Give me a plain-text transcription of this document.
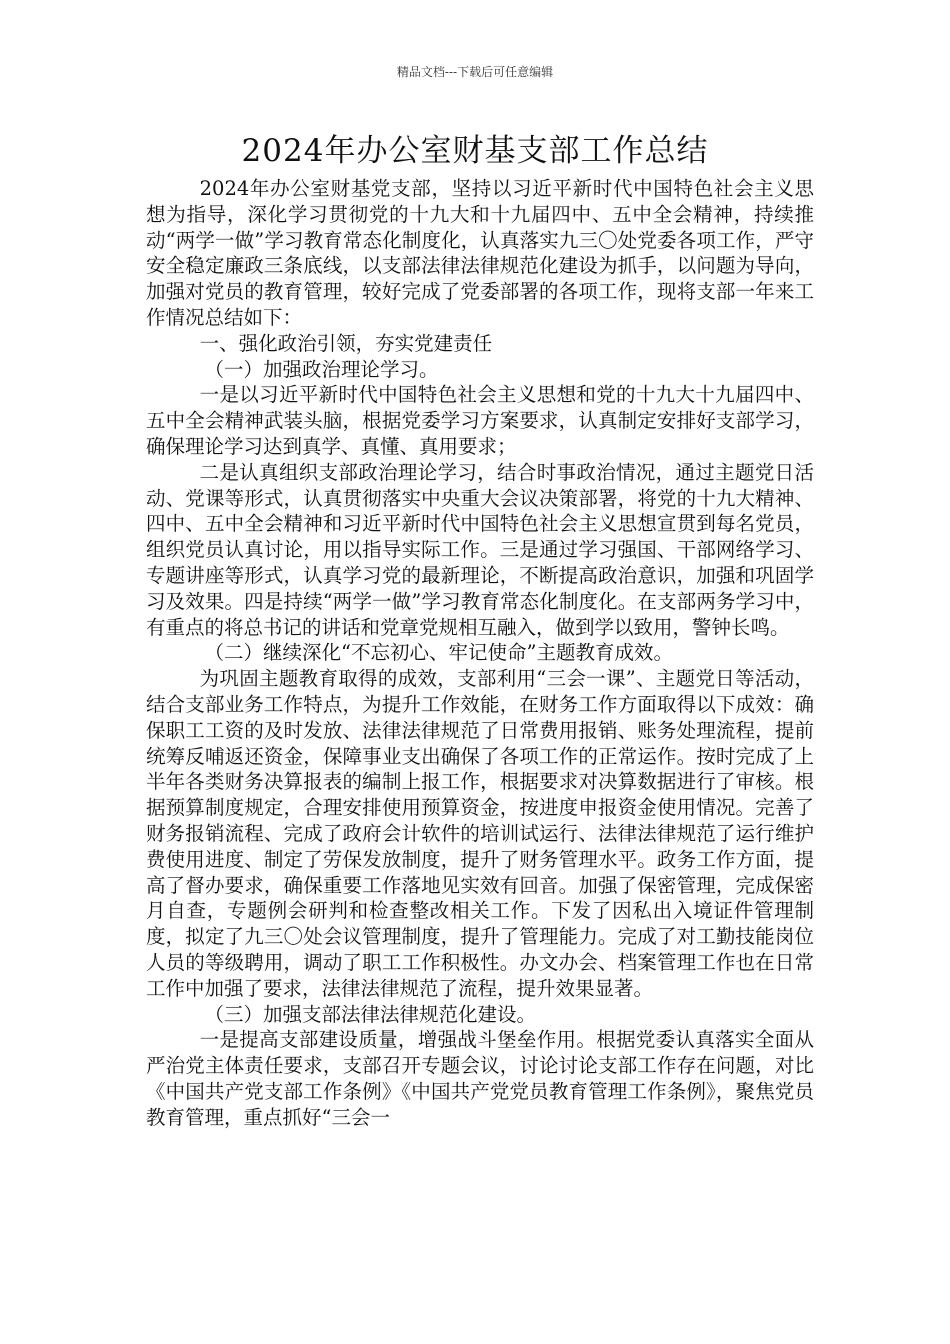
精品文档---下载后可任意编辑
2024年办公室财基支部工作总结

2024年办公室财基党支部，坚持以习近平新时代中国特色社会主义思想为指导，深化学习贯彻党的十九大和十九届四中、五中全会精神，持续推动“两学一做”学习教育常态化制度化，认真落实九三〇处党委各项工作，严守安全稳定廉政三条底线，以支部法律法律规范化建设为抓手，以问题为导向，加强对党员的教育管理，较好完成了党委部署的各项工作，现将支部一年来工作情况总结如下：

一、强化政治引领，夯实党建责任

（一）加强政治理论学习。

一是以习近平新时代中国特色社会主义思想和党的十九大十九届四中、五中全会精神武装头脑，根据党委学习方案要求，认真制定安排好支部学习，确保理论学习达到真学、真懂、真用要求；

二是认真组织支部政治理论学习，结合时事政治情况，通过主题党日活动、党课等形式，认真贯彻落实中央重大会议决策部署，将党的十九大精神、四中、五中全会精神和习近平新时代中国特色社会主义思想宣贯到每名党员，组织党员认真讨论，用以指导实际工作。三是通过学习强国、干部网络学习、专题讲座等形式，认真学习党的最新理论，不断提高政治意识，加强和巩固学习及效果。四是持续“两学一做”学习教育常态化制度化。在支部两务学习中，有重点的将总书记的讲话和党章党规相互融入，做到学以致用，警钟长鸣。

（二）继续深化“不忘初心、牢记使命”主题教育成效。

为巩固主题教育取得的成效，支部利用“三会一课”、主题党日等活动，结合支部业务工作特点，为提升工作效能，在财务工作方面取得以下成效：确保职工工资的及时发放、法律法律规范了日常费用报销、账务处理流程，提前统筹反哺返还资金，保障事业支出确保了各项工作的正常运作。按时完成了上半年各类财务决算报表的编制上报工作，根据要求对决算数据进行了审核。根据预算制度规定，合理安排使用预算资金，按进度申报资金使用情况。完善了财务报销流程、完成了政府会计软件的培训试运行、法律法律规范了运行维护费使用进度、制定了劳保发放制度，提升了财务管理水平。政务工作方面，提高了督办要求，确保重要工作落地见实效有回音。加强了保密管理，完成保密月自查，专题例会研判和检查整改相关工作。下发了因私出入境证件管理制度，拟定了九三〇处会议管理制度，提升了管理能力。完成了对工勤技能岗位人员的等级聘用，调动了职工工作积极性。办文办会、档案管理工作也在日常工作中加强了要求，法律法律规范了流程，提升效果显著。

（三）加强支部法律法律规范化建设。

一是提高支部建设质量，增强战斗堡垒作用。根据党委认真落实全面从严治党主体责任要求，支部召开专题会议，讨论讨论支部工作存在问题，对比《中国共产党支部工作条例》《中国共产党党员教育管理工作条例》，聚焦党员教育管理，重点抓好“三会一
